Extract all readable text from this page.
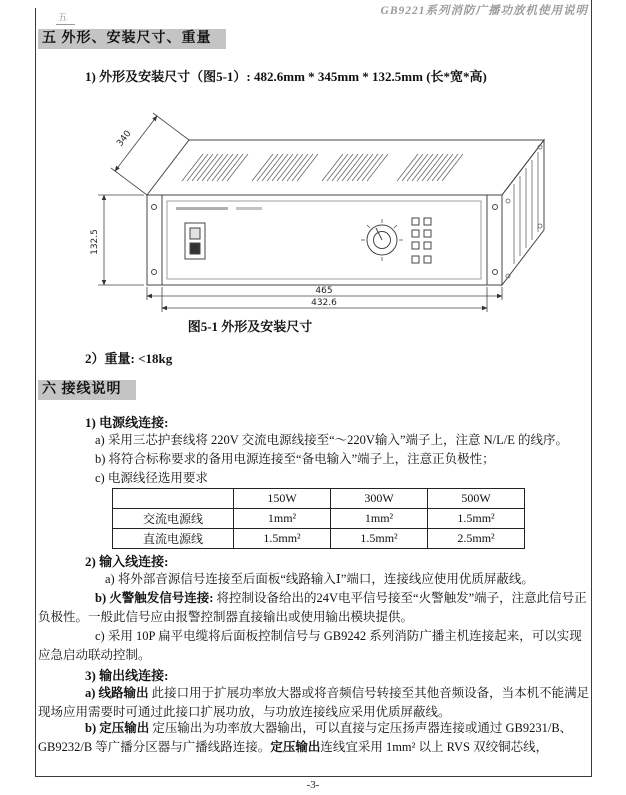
五	GB9221系列消防广播功放机使用说明
五 外形、安装尺寸、重量
1) 外形及安装尺寸（图5-1）: 482.6mm * 345mm * 132.5mm (长*宽*高)
340
132.5
465
432.6
图5-1 外形及安装尺寸
2）重量: <18kg
六 接线说明
1) 电源线连接:
a) 采用三芯护套线将 220V 交流电源线接至“～220V输入”端子上，注意 N/L/E 的线序。
b) 将符合标称要求的备用电源连接至“备电输入”端子上，注意正负极性；
c) 电源线径选用要求
	150W	300W	500W
交流电源线	1mm²	1mm²	1.5mm²
直流电源线	1.5mm²	1.5mm²	2.5mm²
2) 输入线连接:
a) 将外部音源信号连接至后面板“线路输入Ⅰ”端口，连接线应使用优质屏蔽线。
b) 火警触发信号连接: 将控制设备给出的24V电平信号接至“火警触发”端子，注意此信号正负极性。一般此信号应由报警控制器直接输出或使用输出模块提供。
c) 采用 10P 扁平电缆将后面板控制信号与 GB9242 系列消防广播主机连接起来，可以实现应急启动联动控制。
3) 输出线连接:
a) 线路输出 此接口用于扩展功率放大器或将音频信号转接至其他音频设备，当本机不能满足现场应用需要时可通过此接口扩展功放，与功放连接线应采用优质屏蔽线。
b) 定压输出 定压输出为功率放大器输出，可以直接与定压扬声器连接或通过 GB9231/B、GB9232/B 等广播分区器与广播线路连接。定压输出连线宜采用 1mm² 以上 RVS 双绞铜芯线，
-3-
